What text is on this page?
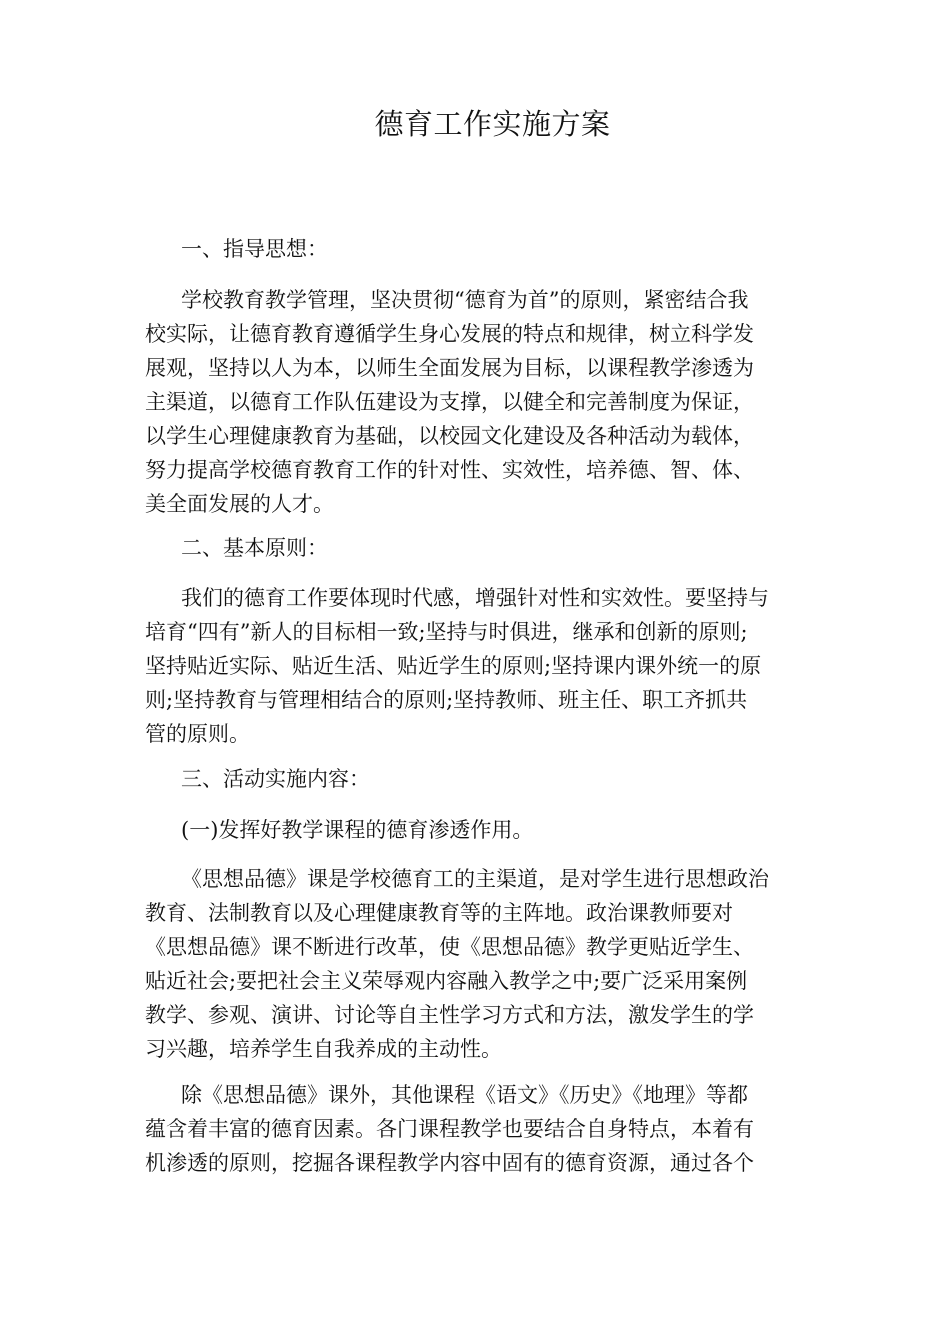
德育工作实施方案
一、指导思想：
学校教育教学管理，坚决贯彻“德育为首”的原则，紧密结合我
校实际，让德育教育遵循学生身心发展的特点和规律，树立科学发
展观，坚持以人为本，以师生全面发展为目标，以课程教学渗透为
主渠道，以德育工作队伍建设为支撑，以健全和完善制度为保证，
以学生心理健康教育为基础，以校园文化建设及各种活动为载体，
努力提高学校德育教育工作的针对性、实效性，培养德、智、体、
美全面发展的人才。
二、基本原则：
我们的德育工作要体现时代感，增强针对性和实效性。要坚持与
培育“四有”新人的目标相一致;坚持与时俱进，继承和创新的原则;
坚持贴近实际、贴近生活、贴近学生的原则;坚持课内课外统一的原
则;坚持教育与管理相结合的原则;坚持教师、班主任、职工齐抓共
管的原则。
三、活动实施内容：
(一)发挥好教学课程的德育渗透作用。
《思想品德》课是学校德育工的主渠道，是对学生进行思想政治
教育、法制教育以及心理健康教育等的主阵地。政治课教师要对
《思想品德》课不断进行改革，使《思想品德》教学更贴近学生、
贴近社会;要把社会主义荣辱观内容融入教学之中;要广泛采用案例
教学、参观、演讲、讨论等自主性学习方式和方法，激发学生的学
习兴趣，培养学生自我养成的主动性。
除《思想品德》课外，其他课程《语文》《历史》《地理》等都
蕴含着丰富的德育因素。各门课程教学也要结合自身特点，本着有
机渗透的原则，挖掘各课程教学内容中固有的德育资源，通过各个
